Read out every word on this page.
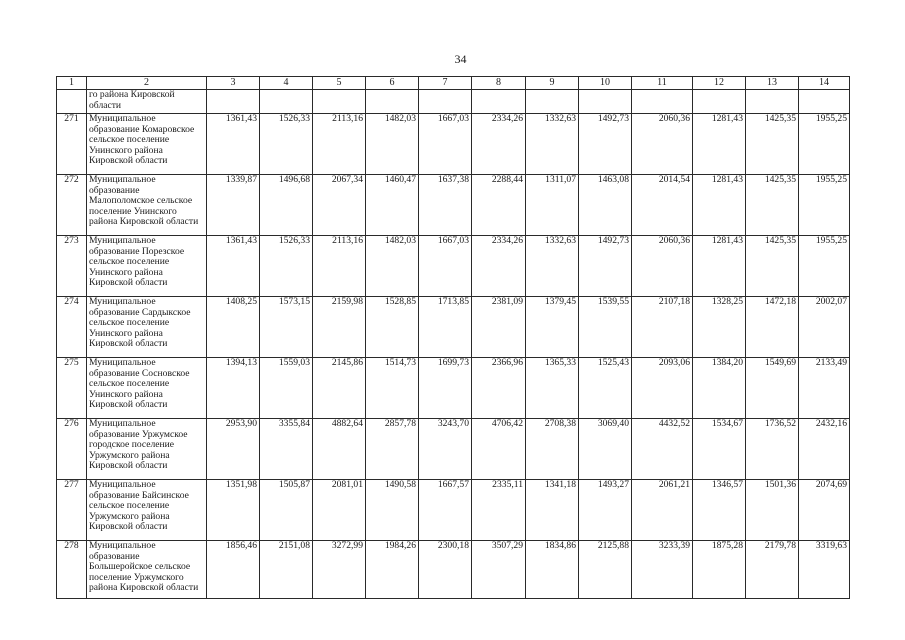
34
1	2	3	4	5	6	7	8	9	10	11	12	13	14
	го района Кировской области												
271	Муниципальное образование Комаровское сельское поселение Унинского района Кировской области	1361,43	1526,33	2113,16	1482,03	1667,03	2334,26	1332,63	1492,73	2060,36	1281,43	1425,35	1955,25
272	Муниципальное образование Малополомское сельское поселение Унинского района Кировской области	1339,87	1496,68	2067,34	1460,47	1637,38	2288,44	1311,07	1463,08	2014,54	1281,43	1425,35	1955,25
273	Муниципальное образование Порезское сельское поселение Унинского района Кировской области	1361,43	1526,33	2113,16	1482,03	1667,03	2334,26	1332,63	1492,73	2060,36	1281,43	1425,35	1955,25
274	Муниципальное образование Сардыкское сельское поселение Унинского района Кировской области	1408,25	1573,15	2159,98	1528,85	1713,85	2381,09	1379,45	1539,55	2107,18	1328,25	1472,18	2002,07
275	Муниципальное образование Сосновское сельское поселение Унинского района Кировской области	1394,13	1559,03	2145,86	1514,73	1699,73	2366,96	1365,33	1525,43	2093,06	1384,20	1549,69	2133,49
276	Муниципальное образование Уржумское городское поселение Уржумского района Кировской области	2953,90	3355,84	4882,64	2857,78	3243,70	4706,42	2708,38	3069,40	4432,52	1534,67	1736,52	2432,16
277	Муниципальное образование Байсинское сельское поселение Уржумского района Кировской области	1351,98	1505,87	2081,01	1490,58	1667,57	2335,11	1341,18	1493,27	2061,21	1346,57	1501,36	2074,69
278	Муниципальное образование Большеройское сельское поселение Уржумского района Кировской области	1856,46	2151,08	3272,99	1984,26	2300,18	3507,29	1834,86	2125,88	3233,39	1875,28	2179,78	3319,63
